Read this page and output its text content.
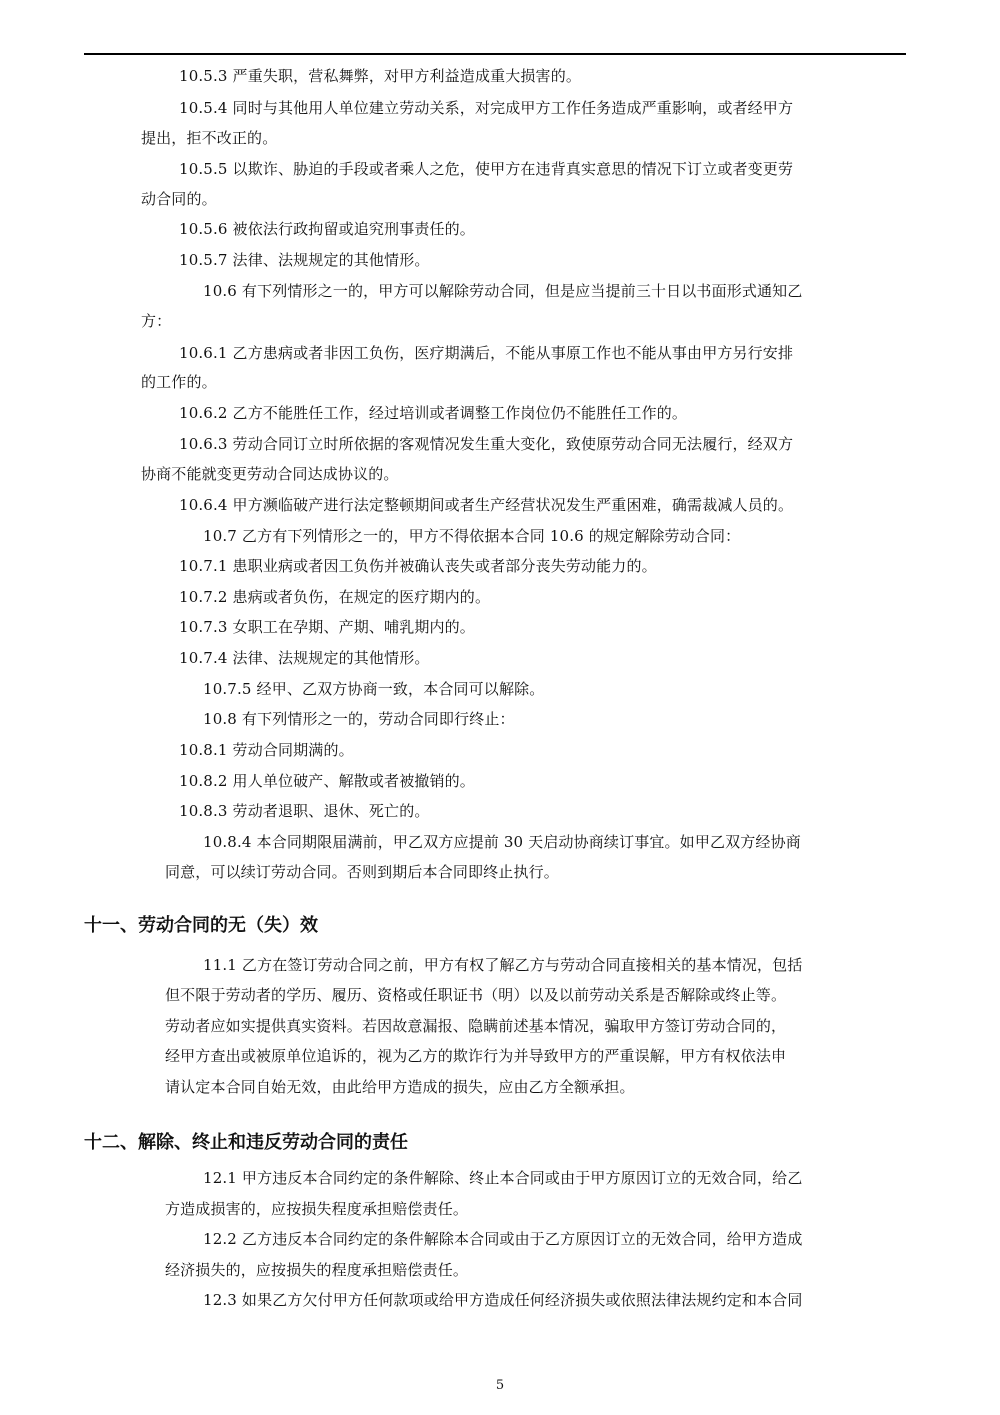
10.5.3 严重失职，营私舞弊，对甲方利益造成重大损害的。
10.5.4 同时与其他用人单位建立劳动关系，对完成甲方工作任务造成严重影响，或者经甲方
提出，拒不改正的。
10.5.5 以欺诈、胁迫的手段或者乘人之危，使甲方在违背真实意思的情况下订立或者变更劳
动合同的。
10.5.6 被依法行政拘留或追究刑事责任的。
10.5.7 法律、法规规定的其他情形。
10.6 有下列情形之一的，甲方可以解除劳动合同，但是应当提前三十日以书面形式通知乙
方：
10.6.1 乙方患病或者非因工负伤，医疗期满后，不能从事原工作也不能从事由甲方另行安排
的工作的。
10.6.2 乙方不能胜任工作，经过培训或者调整工作岗位仍不能胜任工作的。
10.6.3 劳动合同订立时所依据的客观情况发生重大变化，致使原劳动合同无法履行，经双方
协商不能就变更劳动合同达成协议的。
10.6.4 甲方濒临破产进行法定整顿期间或者生产经营状况发生严重困难，确需裁减人员的。
10.7 乙方有下列情形之一的，甲方不得依据本合同 10.6 的规定解除劳动合同：
10.7.1 患职业病或者因工负伤并被确认丧失或者部分丧失劳动能力的。
10.7.2 患病或者负伤，在规定的医疗期内的。
10.7.3 女职工在孕期、产期、哺乳期内的。
10.7.4 法律、法规规定的其他情形。
10.7.5 经甲、乙双方协商一致，本合同可以解除。
10.8 有下列情形之一的，劳动合同即行终止：
10.8.1 劳动合同期满的。
10.8.2 用人单位破产、解散或者被撤销的。
10.8.3 劳动者退职、退休、死亡的。
10.8.4 本合同期限届满前，甲乙双方应提前 30 天启动协商续订事宜。如甲乙双方经协商
同意，可以续订劳动合同。否则到期后本合同即终止执行。
十一、劳动合同的无（失）效
11.1 乙方在签订劳动合同之前，甲方有权了解乙方与劳动合同直接相关的基本情况，包括
但不限于劳动者的学历、履历、资格或任职证书（明）以及以前劳动关系是否解除或终止等。
劳动者应如实提供真实资料。若因故意漏报、隐瞒前述基本情况，骗取甲方签订劳动合同的，
经甲方查出或被原单位追诉的，视为乙方的欺诈行为并导致甲方的严重误解，甲方有权依法申
请认定本合同自始无效，由此给甲方造成的损失，应由乙方全额承担。
十二、解除、终止和违反劳动合同的责任
12.1 甲方违反本合同约定的条件解除、终止本合同或由于甲方原因订立的无效合同，给乙
方造成损害的，应按损失程度承担赔偿责任。
12.2 乙方违反本合同约定的条件解除本合同或由于乙方原因订立的无效合同，给甲方造成
经济损失的，应按损失的程度承担赔偿责任。
12.3 如果乙方欠付甲方任何款项或给甲方造成任何经济损失或依照法律法规约定和本合同
5
